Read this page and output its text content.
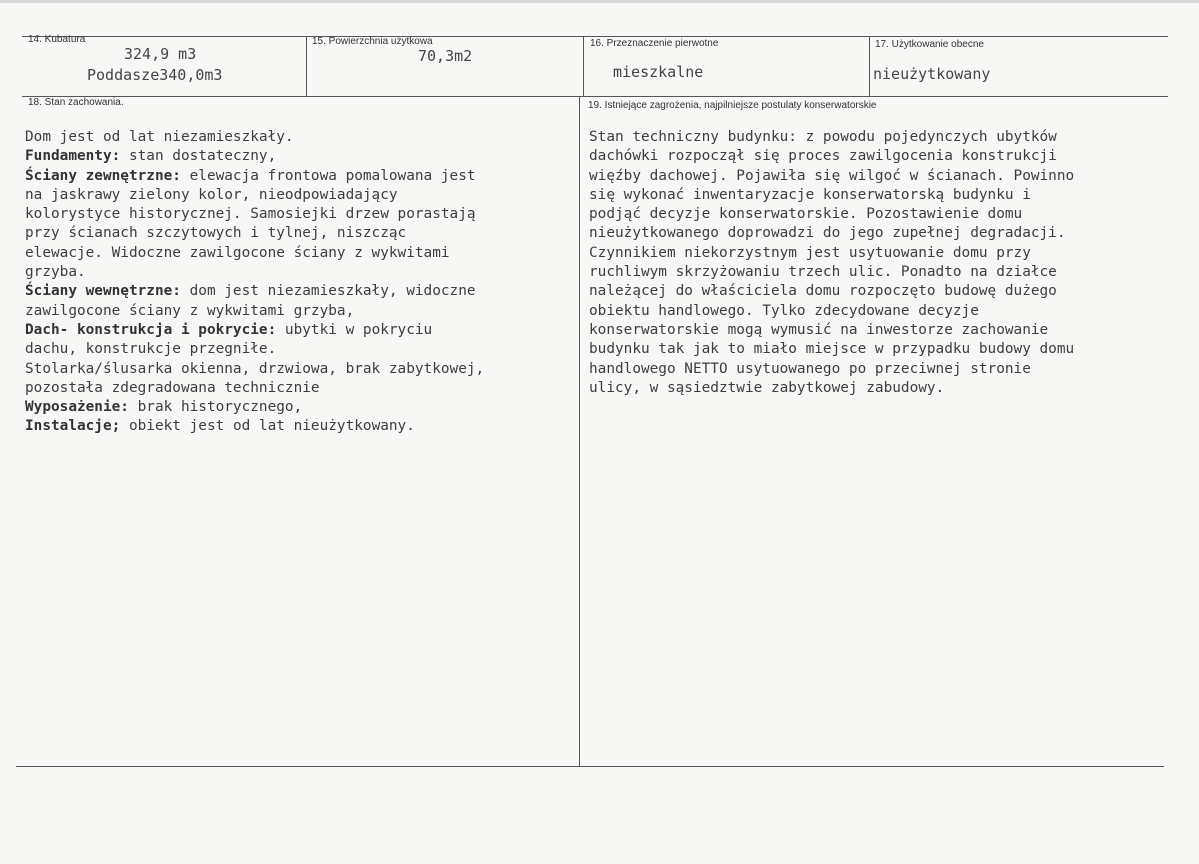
14. Kubatura
324,9 m3
Poddasze340,0m3
15. Powierzchnia użytkowa
70,3m2
16. Przeznaczenie pierwotne
mieszkalne
17. Użytkowanie obecne
nieużytkowany
18. Stan zachowania.
Dom jest od lat niezamieszkały.
Fundamenty: stan dostateczny,
Ściany zewnętrzne: elewacja frontowa pomalowana jest
na jaskrawy zielony kolor, nieodpowiadający
kolorystyce historycznej. Samosiejki drzew porastają
przy ścianach szczytowych i tylnej, niszcząc
elewacje. Widoczne zawilgocone ściany z wykwitami
grzyba.
Ściany wewnętrzne: dom jest niezamieszkały, widoczne
zawilgocone ściany z wykwitami grzyba,
Dach- konstrukcja i pokrycie: ubytki w pokryciu
dachu, konstrukcje przegniłe.
Stolarka/ślusarka okienna, drzwiowa, brak zabytkowej,
pozostała zdegradowana technicznie
Wyposażenie: brak historycznego,
Instalacje; obiekt jest od lat nieużytkowany.
19. Istniejące zagrożenia, najpilniejsze postulaty konserwatorskie
Stan techniczny budynku: z powodu pojedynczych ubytków
dachówki rozpoczął się proces zawilgocenia konstrukcji
więźby dachowej. Pojawiła się wilgoć w ścianach. Powinno
się wykonać inwentaryzacje konserwatorską budynku i
podjąć decyzje konserwatorskie. Pozostawienie domu
nieużytkowanego doprowadzi do jego zupełnej degradacji.
Czynnikiem niekorzystnym jest usytuowanie domu przy
ruchliwym skrzyżowaniu trzech ulic. Ponadto na działce
należącej do właściciela domu rozpoczęto budowę dużego
obiektu handlowego. Tylko zdecydowane decyzje
konserwatorskie mogą wymusić na inwestorze zachowanie
budynku tak jak to miało miejsce w przypadku budowy domu
handlowego NETTO usytuowanego po przeciwnej stronie
ulicy, w sąsiedztwie zabytkowej zabudowy.
